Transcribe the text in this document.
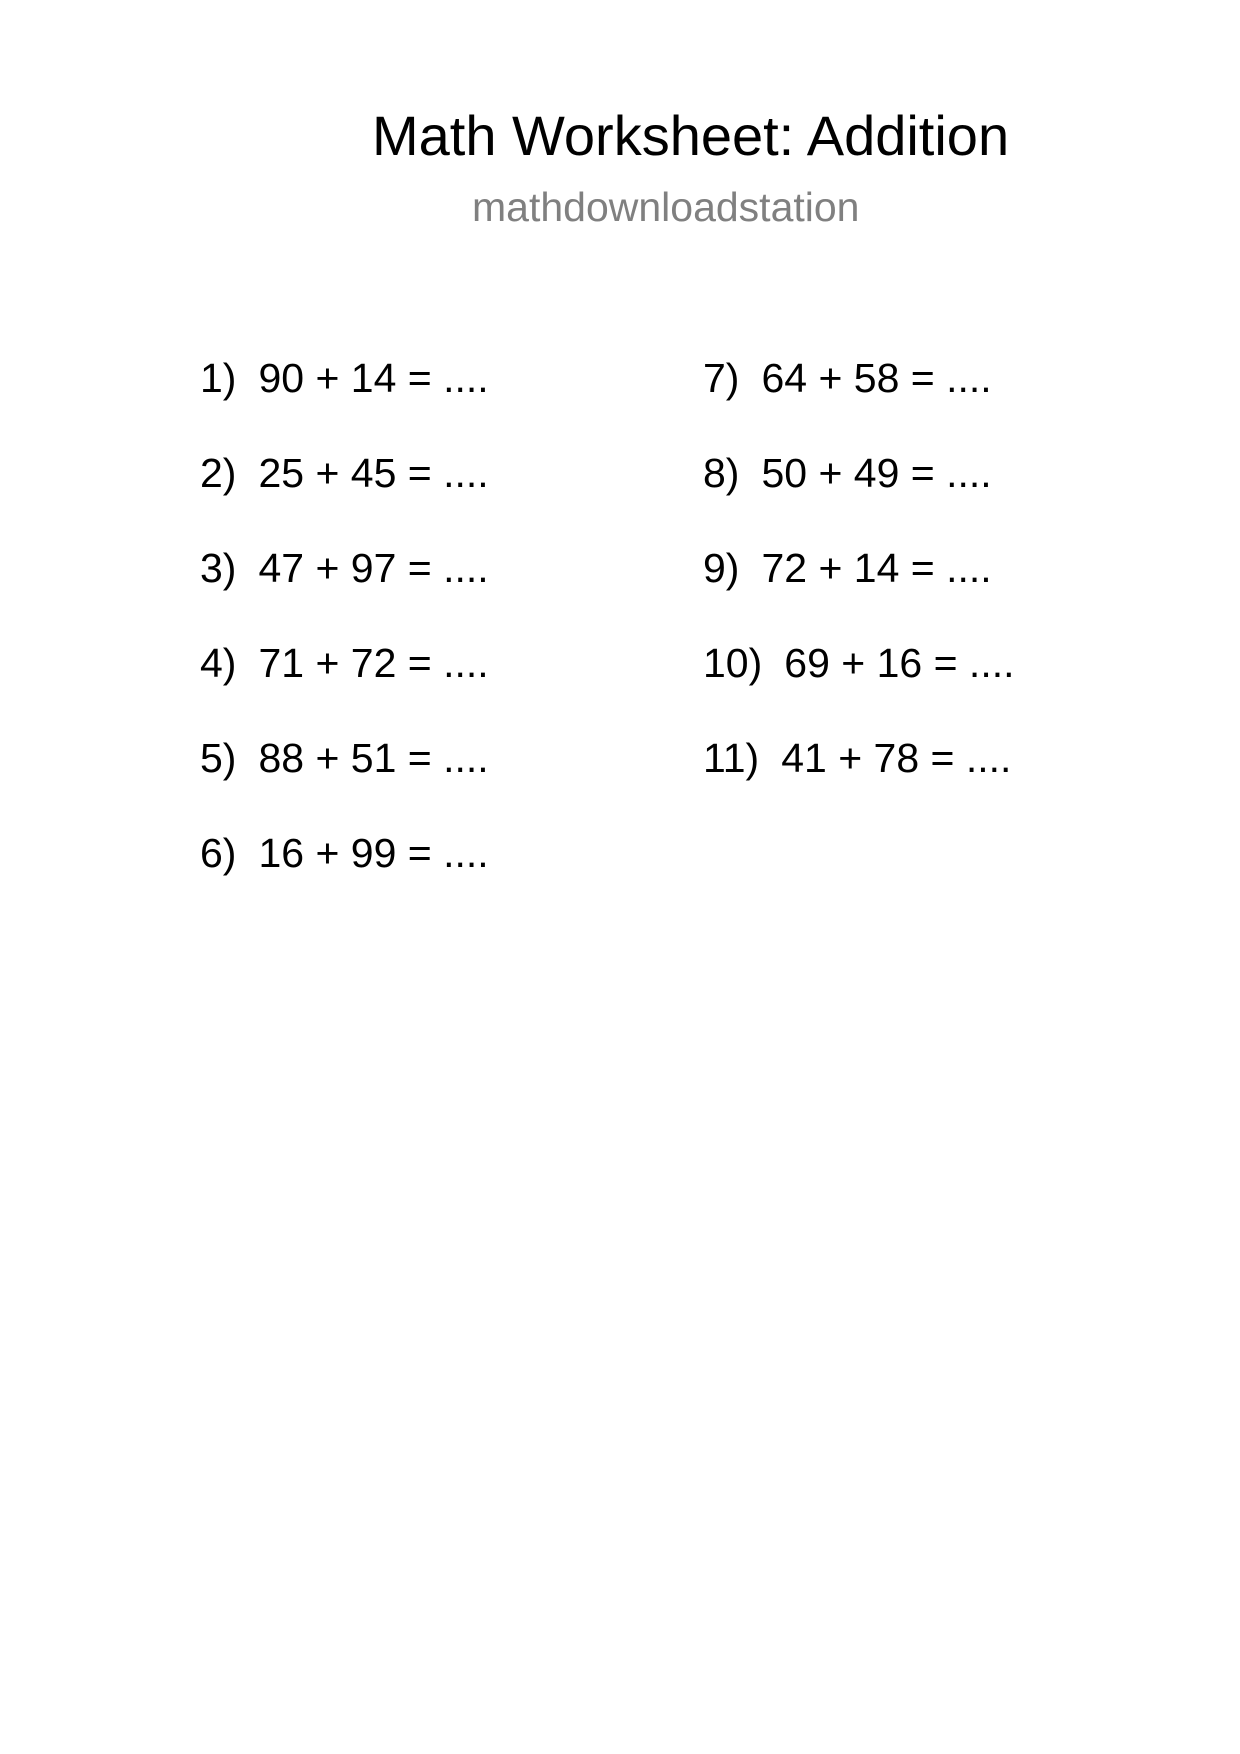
Math Worksheet: Addition
mathdownloadstation
1) 90 + 14 = ....
2) 25 + 45 = ....
3) 47 + 97 = ....
4) 71 + 72 = ....
5) 88 + 51 = ....
6) 16 + 99 = ....
7) 64 + 58 = ....
8) 50 + 49 = ....
9) 72 + 14 = ....
10) 69 + 16 = ....
11) 41 + 78 = ....
